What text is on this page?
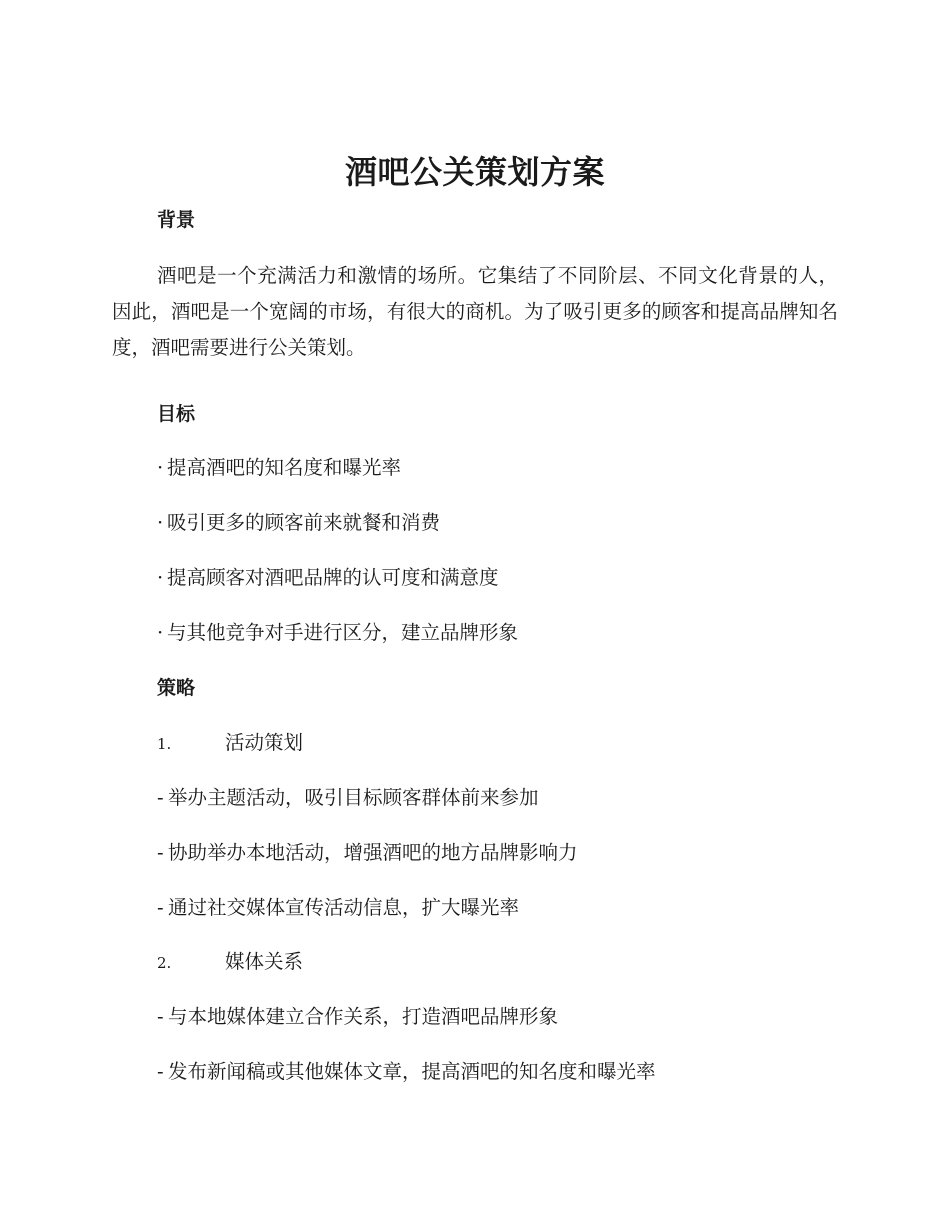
酒吧公关策划方案
背景

酒吧是一个充满活力和激情的场所。它集结了不同阶层、不同文化背景的人，因此，酒吧是一个宽阔的市场，有很大的商机。为了吸引更多的顾客和提高品牌知名度，酒吧需要进行公关策划。

目标
· 提高酒吧的知名度和曝光率
· 吸引更多的顾客前来就餐和消费
· 提高顾客对酒吧品牌的认可度和满意度
· 与其他竞争对手进行区分，建立品牌形象
策略
1.	活动策划
- 举办主题活动，吸引目标顾客群体前来参加
- 协助举办本地活动，增强酒吧的地方品牌影响力
- 通过社交媒体宣传活动信息，扩大曝光率
2.	媒体关系
- 与本地媒体建立合作关系，打造酒吧品牌形象
- 发布新闻稿或其他媒体文章，提高酒吧的知名度和曝光率
